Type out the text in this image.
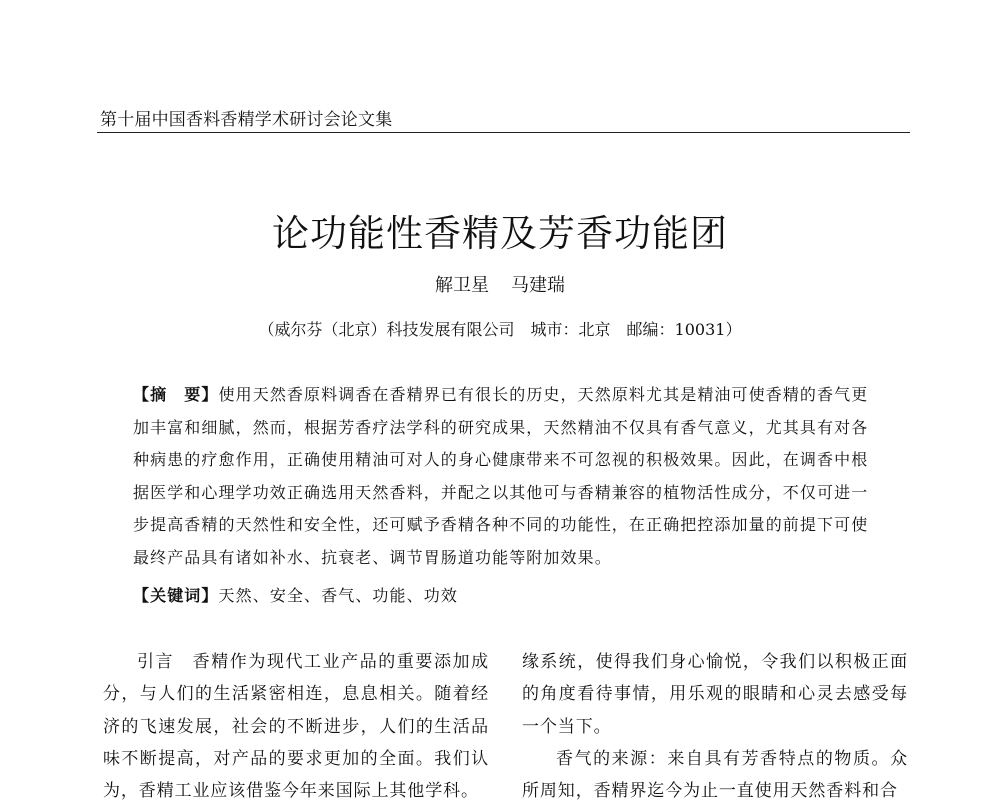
第十届中国香料香精学术研讨会论文集
论功能性香精及芳香功能团
解卫星 马建瑞
（威尔芬（北京）科技发展有限公司　城市：北京　邮编：10031）
【摘　要】使用天然香原料调香在香精界已有很长的历史，天然原料尤其是精油可使香精的香气更加丰富和细腻，然而，根据芳香疗法学科的研究成果，天然精油不仅具有香气意义，尤其具有对各种病患的疗愈作用，正确使用精油可对人的身心健康带来不可忽视的积极效果。因此，在调香中根据医学和心理学功效正确选用天然香料，并配之以其他可与香精兼容的植物活性成分，不仅可进一步提高香精的天然性和安全性，还可赋予香精各种不同的功能性，在正确把控添加量的前提下可使最终产品具有诸如补水、抗衰老、调节胃肠道功能等附加效果。
【关键词】天然、安全、香气、功能、功效

引言　香精作为现代工业产品的重要添加成分，与人们的生活紧密相连，息息相关。随着经济的飞速发展，社会的不断进步，人们的生活品味不断提高，对产品的要求更加的全面。我们认为，香精工业应该借鉴今年来国际上其他学科。

缘系统，使得我们身心愉悦，令我们以积极正面的角度看待事情，用乐观的眼睛和心灵去感受每一个当下。

香气的来源：来自具有芳香特点的物质。众所周知，香精界迄今为止一直使用天然香料和合
